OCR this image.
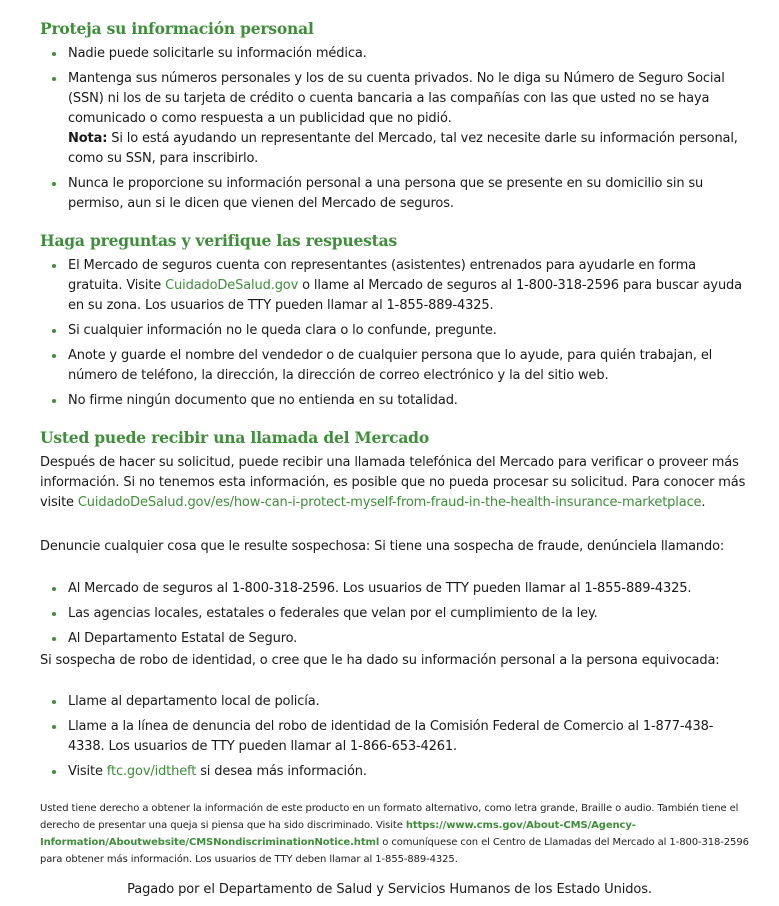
Proteja su información personal
Nadie puede solicitarle su información médica.
Mantenga sus números personales y los de su cuenta privados. No le diga su Número de Seguro Social (SSN) ni los de su tarjeta de crédito o cuenta bancaria a las compañías con las que usted no se haya comunicado o como respuesta a un publicidad que no pidió.
Nota: Si lo está ayudando un representante del Mercado, tal vez necesite darle su información personal, como su SSN, para inscribirlo.
Nunca le proporcione su información personal a una persona que se presente en su domicilio sin su permiso, aun si le dicen que vienen del Mercado de seguros.
Haga preguntas y verifique las respuestas
El Mercado de seguros cuenta con representantes (asistentes) entrenados para ayudarle en forma gratuita. Visite CuidadoDeSalud.gov o llame al Mercado de seguros al 1-800-318-2596 para buscar ayuda en su zona. Los usuarios de TTY pueden llamar al 1-855-889-4325.
Si cualquier información no le queda clara o lo confunde, pregunte.
Anote y guarde el nombre del vendedor o de cualquier persona que lo ayude, para quién trabajan, el número de teléfono, la dirección, la dirección de correo electrónico y la del sitio web.
No firme ningún documento que no entienda en su totalidad.
Usted puede recibir una llamada del Mercado

Después de hacer su solicitud, puede recibir una llamada telefónica del Mercado para verificar o proveer más información. Si no tenemos esta información, es posible que no pueda procesar su solicitud. Para conocer más visite CuidadoDeSalud.gov/es/how-can-i-protect-myself-from-fraud-in-the-health-insurance-marketplace.

Denuncie cualquier cosa que le resulte sospechosa: Si tiene una sospecha de fraude, denúnciela llamando:

Al Mercado de seguros al 1-800-318-2596. Los usuarios de TTY pueden llamar al 1-855-889-4325.
Las agencias locales, estatales o federales que velan por el cumplimiento de la ley.
Al Departamento Estatal de Seguro.

Si sospecha de robo de identidad, o cree que le ha dado su información personal a la persona equivocada:

Llame al departamento local de policía.
Llame a la línea de denuncia del robo de identidad de la Comisión Federal de Comercio al 1-877-438-4338. Los usuarios de TTY pueden llamar al 1-866-653-4261.
Visite ftc.gov/idtheft si desea más información.

Usted tiene derecho a obtener la información de este producto en un formato alternativo, como letra grande, Braille o audio. También tiene el derecho de presentar una queja si piensa que ha sido discriminado. Visite https://www.cms.gov/About-CMS/Agency-Information/Aboutwebsite/CMSNondiscriminationNotice.html o comuníquese con el Centro de Llamadas del Mercado al 1-800-318-2596 para obtener más información. Los usuarios de TTY deben llamar al 1-855-889-4325.

Pagado por el Departamento de Salud y Servicios Humanos de los Estado Unidos.
